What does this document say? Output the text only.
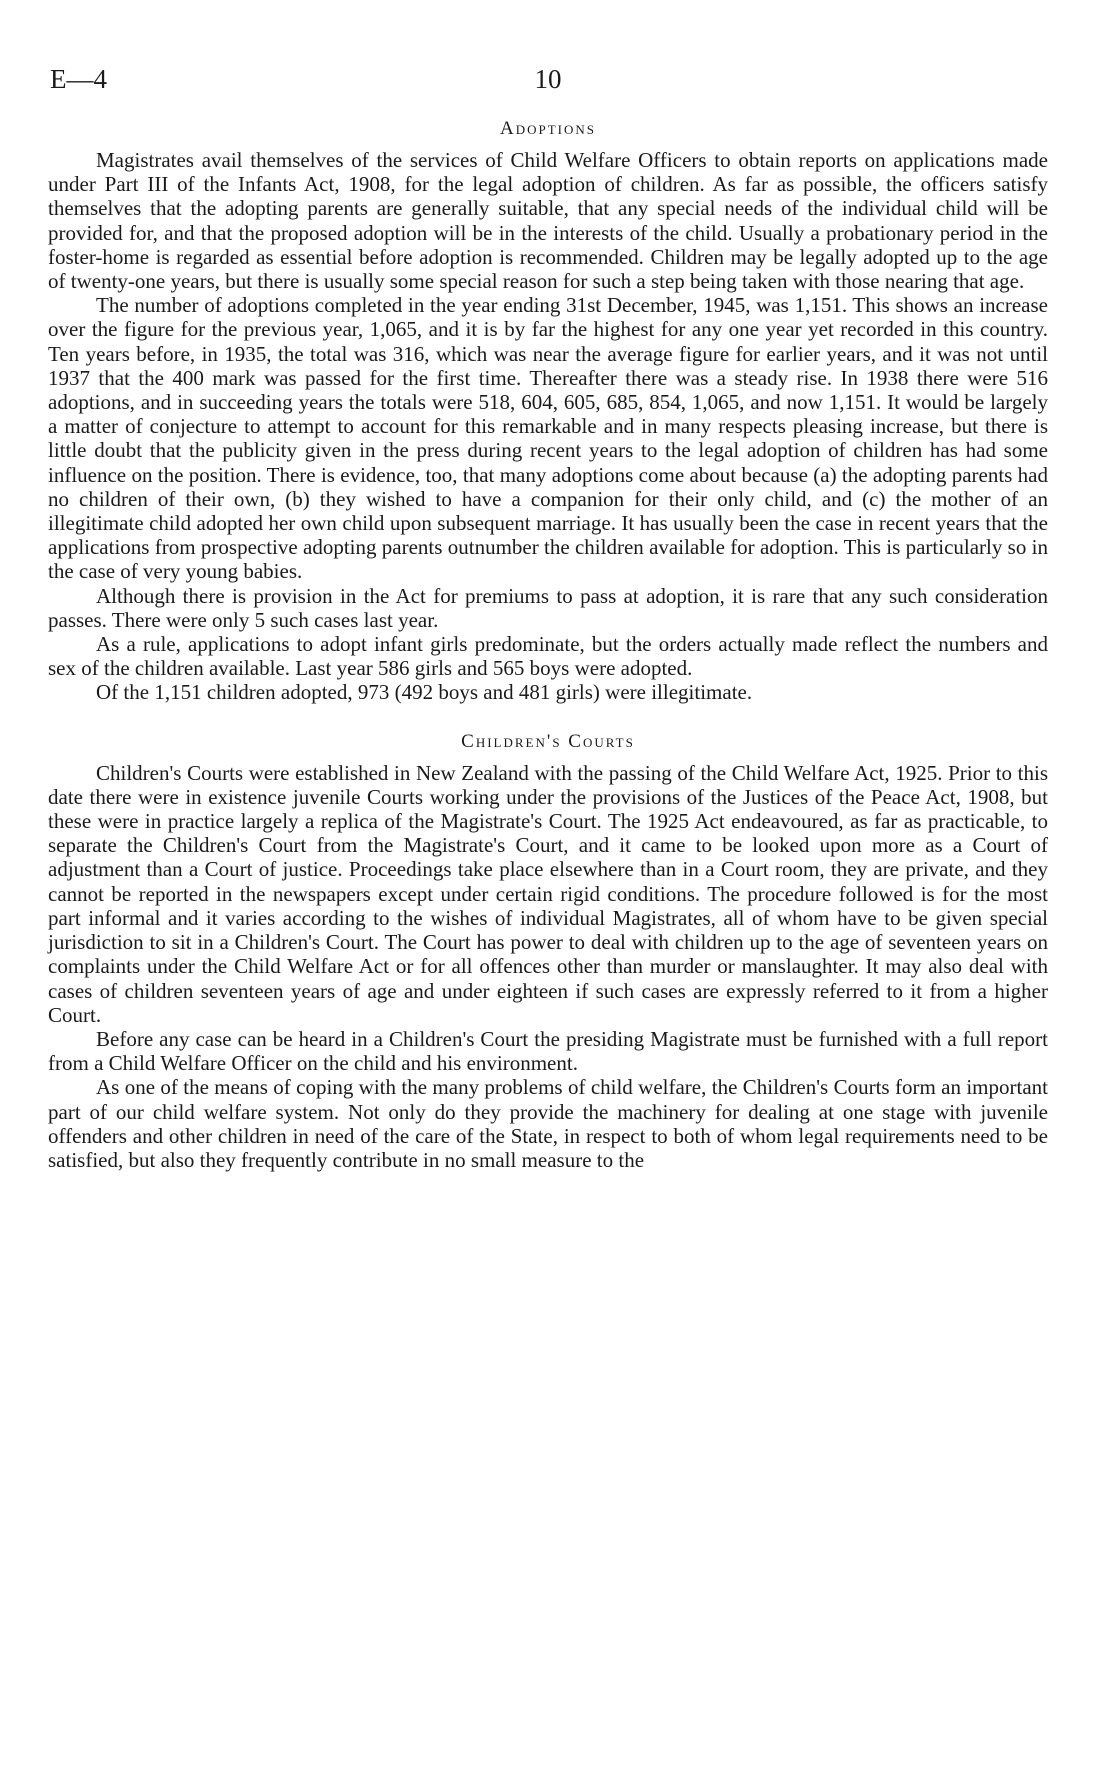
E—4	10
Adoptions

Magistrates avail themselves of the services of Child Welfare Officers to obtain reports on applications made under Part III of the Infants Act, 1908, for the legal adoption of children. As far as possible, the officers satisfy themselves that the adopting parents are generally suitable, that any special needs of the individual child will be provided for, and that the proposed adoption will be in the interests of the child. Usually a probationary period in the foster-home is regarded as essential before adoption is recommended. Children may be legally adopted up to the age of twenty-one years, but there is usually some special reason for such a step being taken with those nearing that age.

The number of adoptions completed in the year ending 31st December, 1945, was 1,151. This shows an increase over the figure for the previous year, 1,065, and it is by far the highest for any one year yet recorded in this country. Ten years before, in 1935, the total was 316, which was near the average figure for earlier years, and it was not until 1937 that the 400 mark was passed for the first time. Thereafter there was a steady rise. In 1938 there were 516 adoptions, and in succeeding years the totals were 518, 604, 605, 685, 854, 1,065, and now 1,151. It would be largely a matter of conjecture to attempt to account for this remarkable and in many respects pleasing increase, but there is little doubt that the publicity given in the press during recent years to the legal adoption of children has had some influence on the position. There is evidence, too, that many adoptions come about because (a) the adopting parents had no children of their own, (b) they wished to have a companion for their only child, and (c) the mother of an illegitimate child adopted her own child upon subsequent marriage. It has usually been the case in recent years that the applications from prospective adopting parents outnumber the children available for adoption. This is particularly so in the case of very young babies.

Although there is provision in the Act for premiums to pass at adoption, it is rare that any such consideration passes. There were only 5 such cases last year.

As a rule, applications to adopt infant girls predominate, but the orders actually made reflect the numbers and sex of the children available. Last year 586 girls and 565 boys were adopted.

Of the 1,151 children adopted, 973 (492 boys and 481 girls) were illegitimate.

Children's Courts

Children's Courts were established in New Zealand with the passing of the Child Welfare Act, 1925. Prior to this date there were in existence juvenile Courts working under the provisions of the Justices of the Peace Act, 1908, but these were in practice largely a replica of the Magistrate's Court. The 1925 Act endeavoured, as far as practicable, to separate the Children's Court from the Magistrate's Court, and it came to be looked upon more as a Court of adjustment than a Court of justice. Proceedings take place elsewhere than in a Court room, they are private, and they cannot be reported in the newspapers except under certain rigid conditions. The procedure followed is for the most part informal and it varies according to the wishes of individual Magistrates, all of whom have to be given special jurisdiction to sit in a Children's Court. The Court has power to deal with children up to the age of seventeen years on complaints under the Child Welfare Act or for all offences other than murder or manslaughter. It may also deal with cases of children seventeen years of age and under eighteen if such cases are expressly referred to it from a higher Court.

Before any case can be heard in a Children's Court the presiding Magistrate must be furnished with a full report from a Child Welfare Officer on the child and his environment.

As one of the means of coping with the many problems of child welfare, the Children's Courts form an important part of our child welfare system. Not only do they provide the machinery for dealing at one stage with juvenile offenders and other children in need of the care of the State, in respect to both of whom legal requirements need to be satisfied, but also they frequently contribute in no small measure to the
